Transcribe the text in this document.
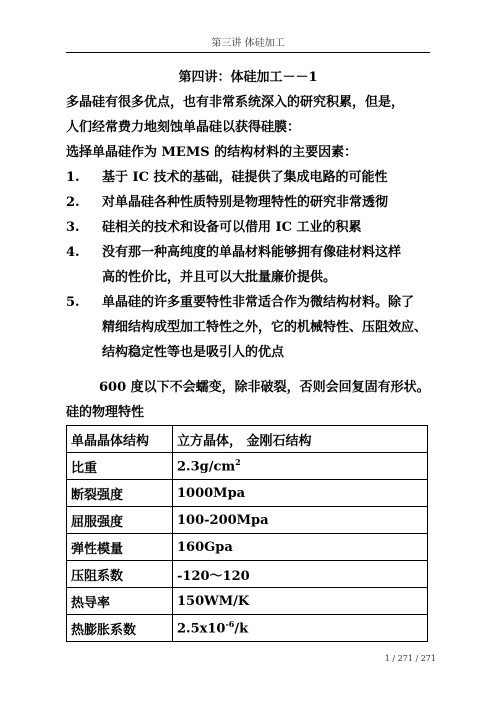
第三讲 体硅加工
第四讲：体硅加工－－1
多晶硅有很多优点，也有非常系统深入的研究积累，但是，
人们经常费力地刻蚀单晶硅以获得硅膜：
选择单晶硅作为 MEMS 的结构材料的主要因素：
1. 基于 IC 技术的基础，硅提供了集成电路的可能性
2. 对单晶硅各种性质特别是物理特性的研究非常透彻
3. 硅相关的技术和设备可以借用 IC 工业的积累
4. 没有那一种高纯度的单晶材料能够拥有像硅材料这样
高的性价比，并且可以大批量廉价提供。
5. 单晶硅的许多重要特性非常适合作为微结构材料。除了
精细结构成型加工特性之外，它的机械特性、压阻效应、
结构稳定性等也是吸引人的优点
600 度以下不会蠕变，除非破裂，否则会回复固有形状。
硅的物理特性
单晶晶体结构	立方晶体， 金刚石结构
比重	$2.3g/cm^2$
断裂强度	1000Mpa
屈服强度	100-200Mpa
弹性模量	160Gpa
压阻系数	-120～120
热导率	150WM/K
热膨胀系数	$2.5x10^{-6}/k$
1 / 271 / 271
